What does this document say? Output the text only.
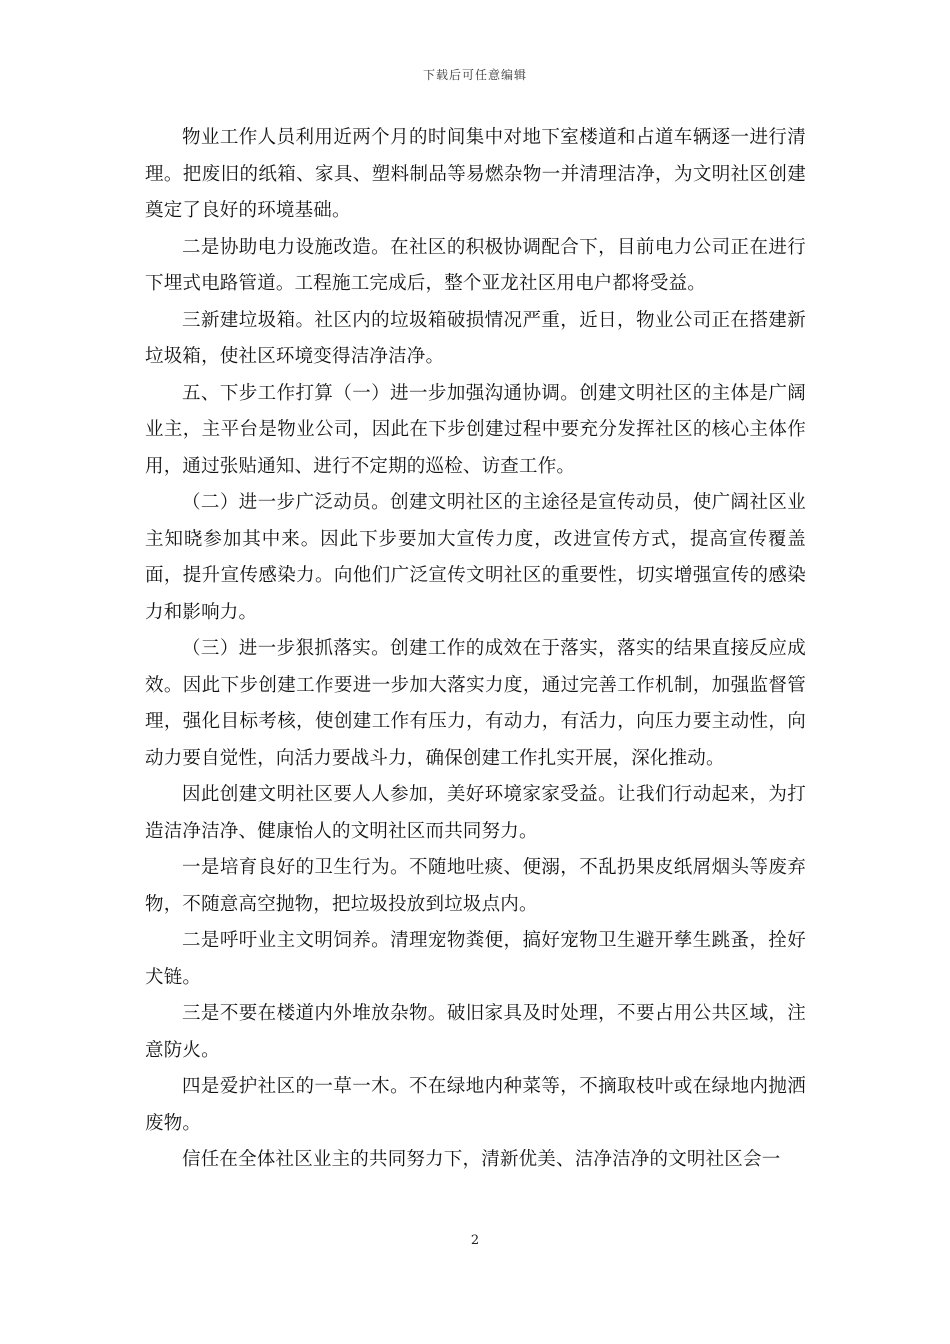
下载后可任意编辑

物业工作人员利用近两个月的时间集中对地下室楼道和占道车辆逐一进行清理。把废旧的纸箱、家具、塑料制品等易燃杂物一并清理洁净，为文明社区创建奠定了良好的环境基础。

二是协助电力设施改造。在社区的积极协调配合下，目前电力公司正在进行下埋式电路管道。工程施工完成后，整个亚龙社区用电户都将受益。

三新建垃圾箱。社区内的垃圾箱破损情况严重，近日，物业公司正在搭建新垃圾箱，使社区环境变得洁净洁净。

五、下步工作打算（一）进一步加强沟通协调。创建文明社区的主体是广阔业主，主平台是物业公司，因此在下步创建过程中要充分发挥社区的核心主体作用，通过张贴通知、进行不定期的巡检、访查工作。

（二）进一步广泛动员。创建文明社区的主途径是宣传动员，使广阔社区业主知晓参加其中来。因此下步要加大宣传力度，改进宣传方式，提高宣传覆盖面，提升宣传感染力。向他们广泛宣传文明社区的重要性，切实增强宣传的感染力和影响力。

（三）进一步狠抓落实。创建工作的成效在于落实，落实的结果直接反应成效。因此下步创建工作要进一步加大落实力度，通过完善工作机制，加强监督管理，强化目标考核，使创建工作有压力，有动力，有活力，向压力要主动性，向动力要自觉性，向活力要战斗力，确保创建工作扎实开展，深化推动。

因此创建文明社区要人人参加，美好环境家家受益。让我们行动起来，为打造洁净洁净、健康怡人的文明社区而共同努力。

一是培育良好的卫生行为。不随地吐痰、便溺，不乱扔果皮纸屑烟头等废弃物，不随意高空抛物，把垃圾投放到垃圾点内。

二是呼吁业主文明饲养。清理宠物粪便，搞好宠物卫生避开孳生跳蚤，拴好犬链。

三是不要在楼道内外堆放杂物。破旧家具及时处理，不要占用公共区域，注意防火。

四是爱护社区的一草一木。不在绿地内种菜等，不摘取枝叶或在绿地内抛洒废物。

信任在全体社区业主的共同努力下，清新优美、洁净洁净的文明社区会一

2
